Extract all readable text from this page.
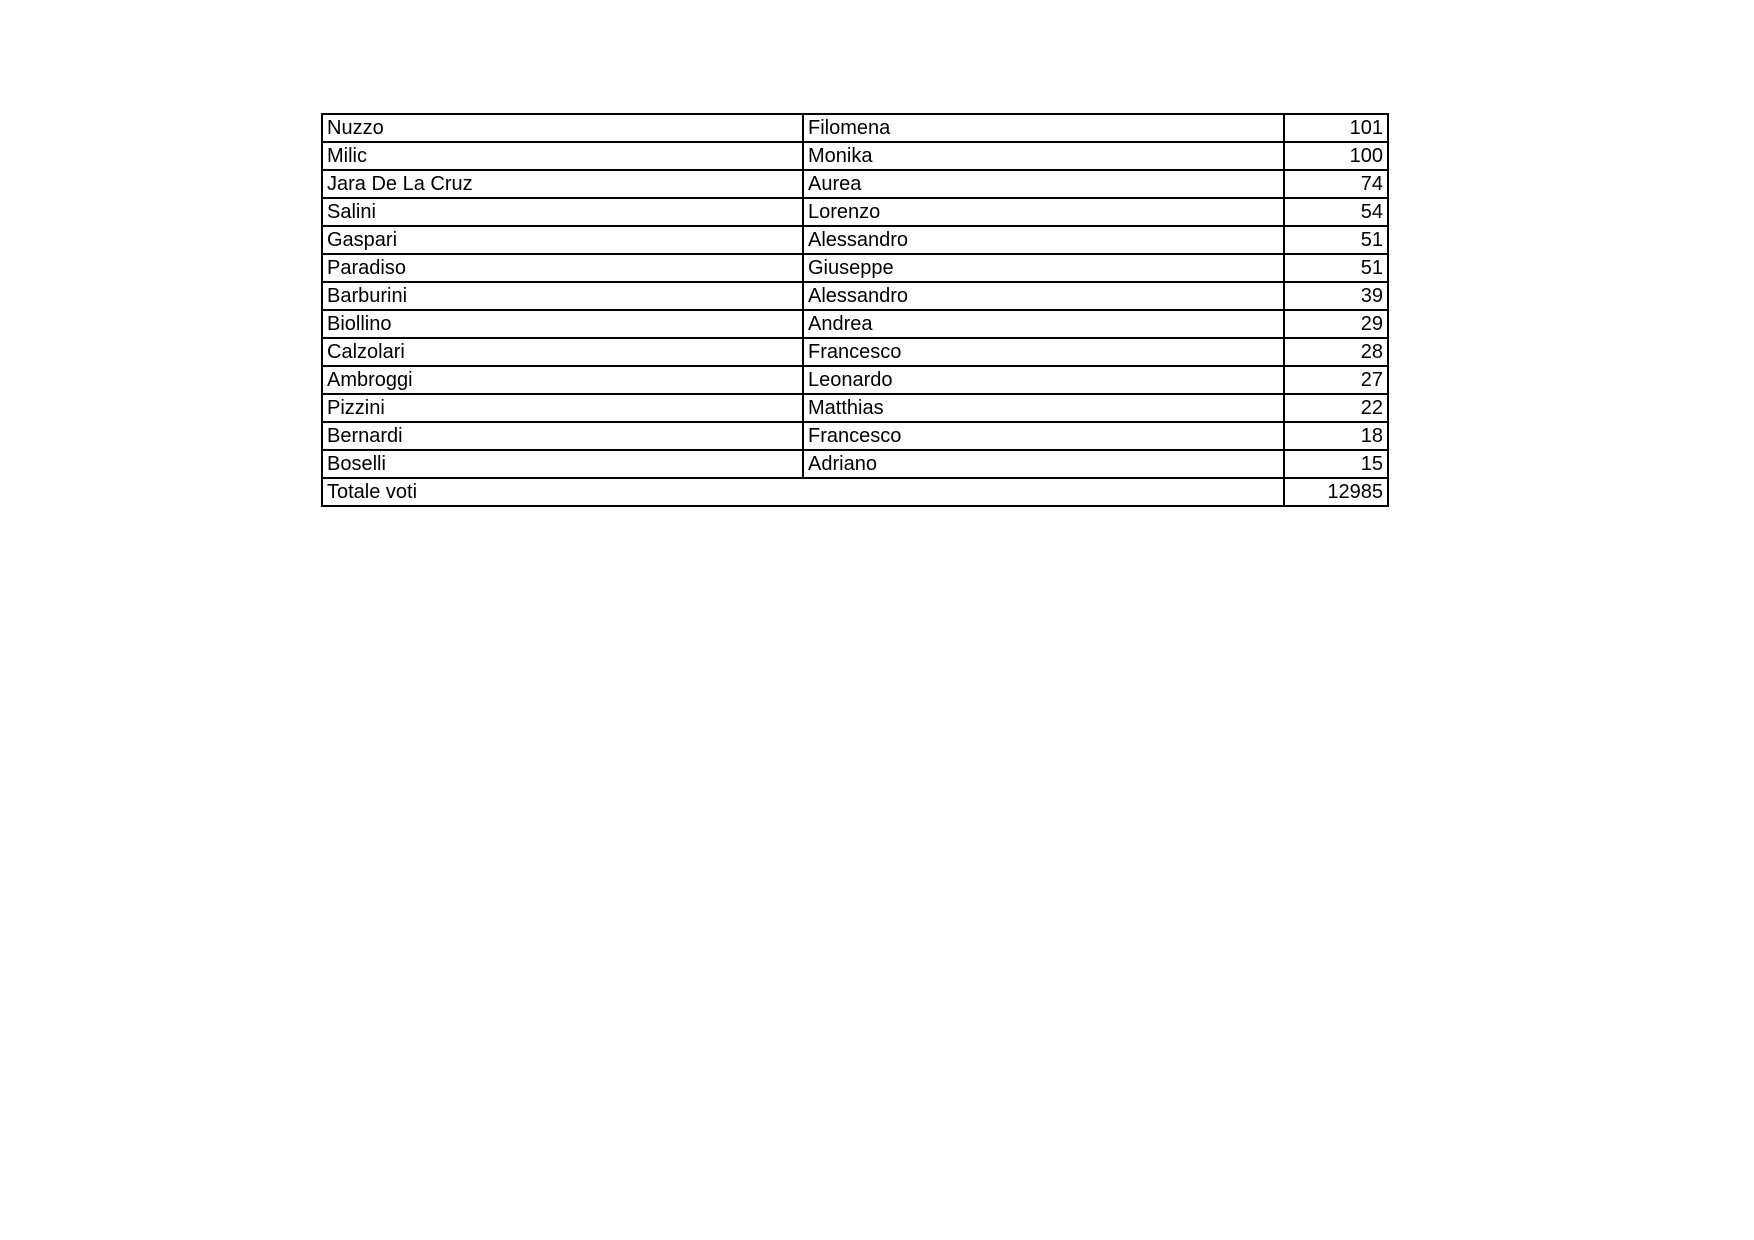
Nuzzo	Filomena	101
Milic	Monika	100
Jara De La Cruz	Aurea	74
Salini	Lorenzo	54
Gaspari	Alessandro	51
Paradiso	Giuseppe	51
Barburini	Alessandro	39
Biollino	Andrea	29
Calzolari	Francesco	28
Ambroggi	Leonardo	27
Pizzini	Matthias	22
Bernardi	Francesco	18
Boselli	Adriano	15
Totale voti		12985
